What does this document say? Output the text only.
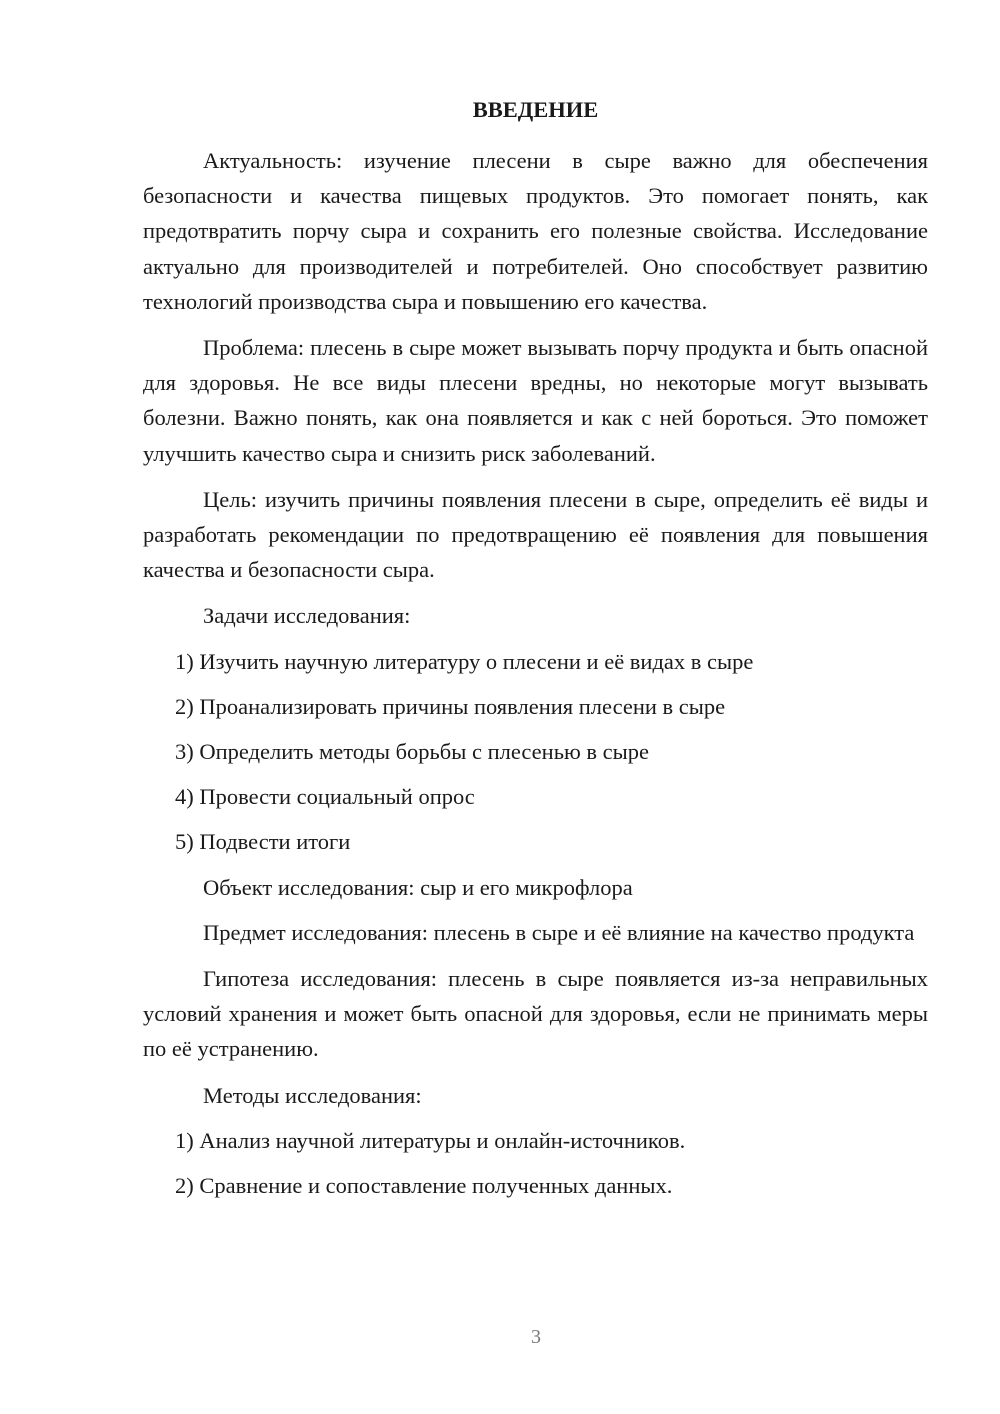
ВВЕДЕНИЕ

Актуальность: изучение плесени в сыре важно для обеспечения безопасности и качества пищевых продуктов. Это помогает понять, как предотвратить порчу сыра и сохранить его полезные свойства. Исследование актуально для производителей и потребителей. Оно способствует развитию технологий производства сыра и повышению его качества.

Проблема: плесень в сыре может вызывать порчу продукта и быть опасной для здоровья. Не все виды плесени вредны, но некоторые могут вызывать болезни. Важно понять, как она появляется и как с ней бороться. Это поможет улучшить качество сыра и снизить риск заболеваний.

Цель: изучить причины появления плесени в сыре, определить её виды и разработать рекомендации по предотвращению её появления для повышения качества и безопасности сыра.

Задачи исследования:
1) Изучить научную литературу о плесени и её видах в сыре
2) Проанализировать причины появления плесени в сыре
3) Определить методы борьбы с плесенью в сыре
4) Провести социальный опрос
5) Подвести итоги
Объект исследования: сыр и его микрофлора

Предмет исследования: плесень в сыре и её влияние на качество продукта

Гипотеза исследования: плесень в сыре появляется из-за неправильных условий хранения и может быть опасной для здоровья, если не принимать меры по её устранению.

Методы исследования:
1) Анализ научной литературы и онлайн-источников.
2) Сравнение и сопоставление полученных данных.
3
